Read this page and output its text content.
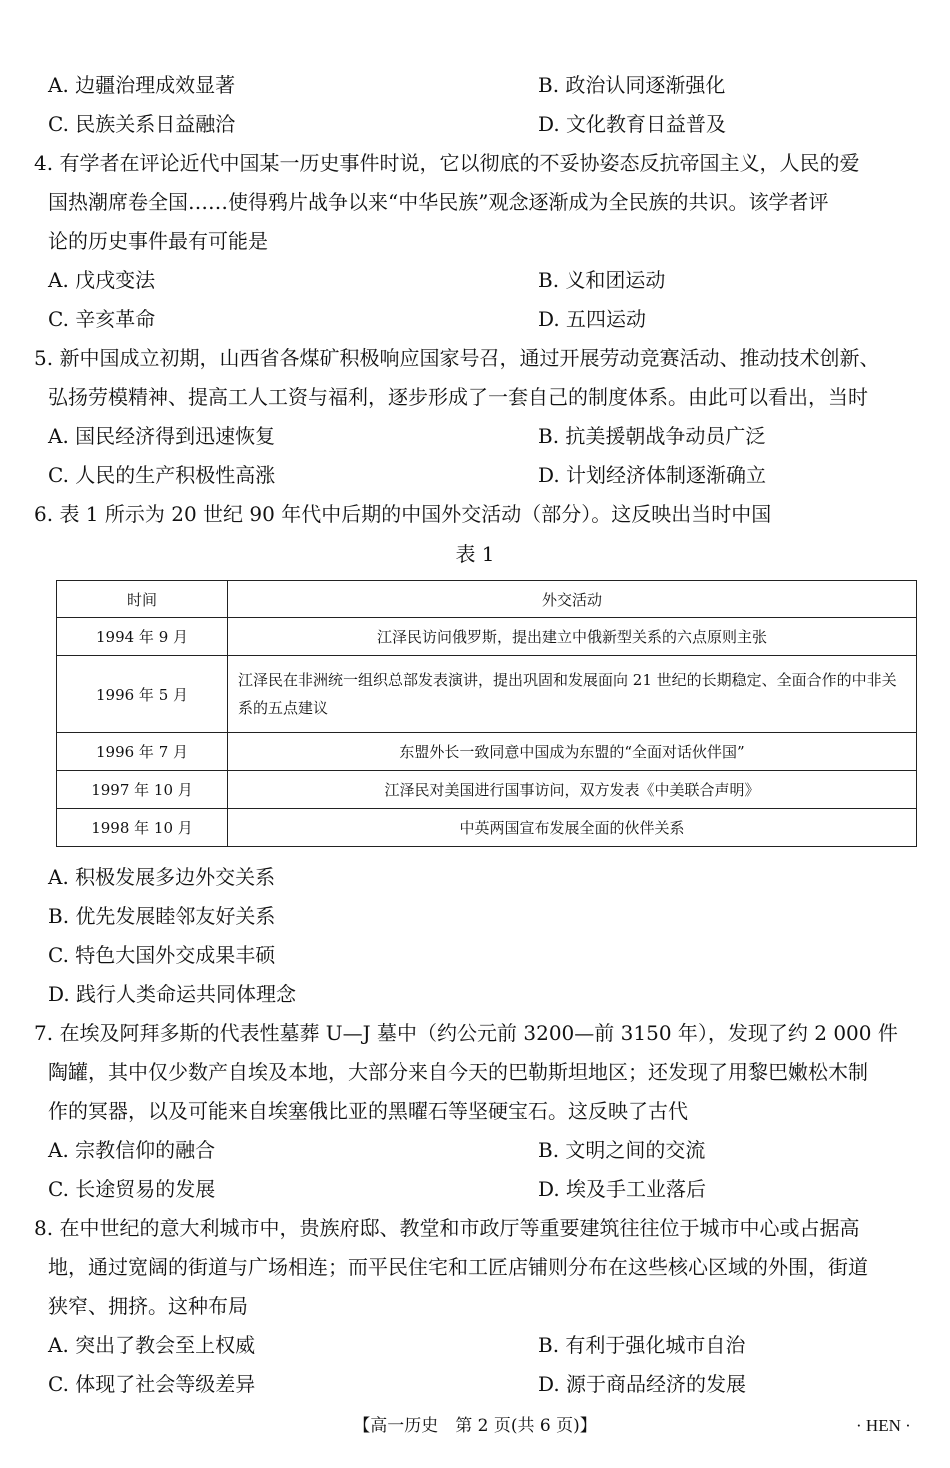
A. 边疆治理成效显著	B. 政治认同逐渐强化
C. 民族关系日益融洽	D. 文化教育日益普及
4. 有学者在评论近代中国某一历史事件时说，它以彻底的不妥协姿态反抗帝国主义，人民的爱
国热潮席卷全国……使得鸦片战争以来“中华民族”观念逐渐成为全民族的共识。该学者评
论的历史事件最有可能是
A. 戊戌变法	B. 义和团运动
C. 辛亥革命	D. 五四运动
5. 新中国成立初期，山西省各煤矿积极响应国家号召，通过开展劳动竞赛活动、推动技术创新、
弘扬劳模精神、提高工人工资与福利，逐步形成了一套自己的制度体系。由此可以看出，当时
A. 国民经济得到迅速恢复	B. 抗美援朝战争动员广泛
C. 人民的生产积极性高涨	D. 计划经济体制逐渐确立
6. 表 1 所示为 20 世纪 90 年代中后期的中国外交活动（部分）。这反映出当时中国
表 1
时间	外交活动
1994 年 9 月	江泽民访问俄罗斯，提出建立中俄新型关系的六点原则主张
1996 年 5 月	江泽民在非洲统一组织总部发表演讲，提出巩固和发展面向 21 世纪的长期稳定、全面合作的中非关系的五点建议
1996 年 7 月	东盟外长一致同意中国成为东盟的“全面对话伙伴国”
1997 年 10 月	江泽民对美国进行国事访问，双方发表《中美联合声明》
1998 年 10 月	中英两国宣布发展全面的伙伴关系
A. 积极发展多边外交关系
B. 优先发展睦邻友好关系
C. 特色大国外交成果丰硕
D. 践行人类命运共同体理念
7. 在埃及阿拜多斯的代表性墓葬 U—J 墓中（约公元前 3200—前 3150 年），发现了约 2 000 件
陶罐，其中仅少数产自埃及本地，大部分来自今天的巴勒斯坦地区；还发现了用黎巴嫩松木制
作的冥器，以及可能来自埃塞俄比亚的黑曜石等坚硬宝石。这反映了古代
A. 宗教信仰的融合	B. 文明之间的交流
C. 长途贸易的发展	D. 埃及手工业落后
8. 在中世纪的意大利城市中，贵族府邸、教堂和市政厅等重要建筑往往位于城市中心或占据高
地，通过宽阔的街道与广场相连；而平民住宅和工匠店铺则分布在这些核心区域的外围，街道
狭窄、拥挤。这种布局
A. 突出了教会至上权威	B. 有利于强化城市自治
C. 体现了社会等级差异	D. 源于商品经济的发展
【高一历史　第 2 页(共 6 页)】	· HEN ·
